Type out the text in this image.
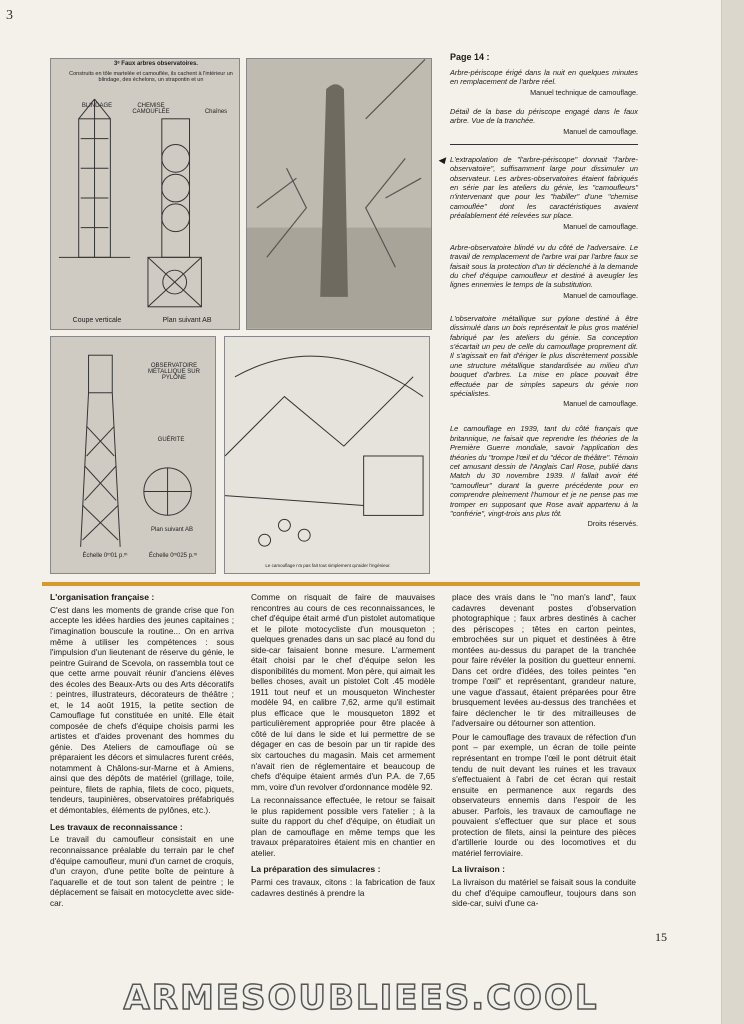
3
3ᵉ Faux arbres observatoires.
Construits en tôle martelée et camouflée, ils cachent à l'intérieur un blindage, des échelons, un strapontin et un
BLINDAGE	CHEMISE CAMOUFLÉE	Chaînes
Coupe verticale	Plan suivant AB
OBSERVATOIRE MÉTALLIQUE SUR PYLÔNE
GUÉRITE
Plan suivant AB
Échelle 0ᵐ01 p.ᵐ	Échelle 0ᵐ025 p.ᵐ
Le camouflage n'a pas fait tout simplement qu'aider l'ingénieur.
Page 14 :

Arbre-périscope érigé dans la nuit en quelques minutes en remplacement de l'arbre réel.
Manuel technique de camouflage.

Détail de la base du périscope engagé dans le faux arbre. Vue de la tranchée.
Manuel de camouflage.

◀ L'extrapolation de "l'arbre-périscope" donnait "l'arbre-observatoire", suffisamment large pour dissimuler un observateur. Les arbres-observatoires étaient fabriqués en série par les ateliers du génie, les "camoufleurs" n'intervenant que pour les "habiller" d'une "chemise camouflée" dont les caractéristiques avaient préalablement été relevées sur place.
Manuel de camouflage.

Arbre-observatoire blindé vu du côté de l'adversaire. Le travail de remplacement de l'arbre vrai par l'arbre faux se faisait sous la protection d'un tir déclenché à la demande du chef d'équipe camoufleur et destiné à aveugler les lignes ennemies le temps de la substitution.
Manuel de camouflage.

L'observatoire métallique sur pylone destiné à être dissimulé dans un bois représentait le plus gros matériel fabriqué par les ateliers du génie. Sa conception s'écartait un peu de celle du camouflage proprement dit. Il s'agissait en fait d'ériger le plus discrètement possible une structure métallique standardisée au milieu d'un bouquet d'arbres. La mise en place pouvait être effectuée par de simples sapeurs du génie non spécialistes.
Manuel de camouflage.

Le camouflage en 1939, tant du côté français que britannique, ne faisait que reprendre les théories de la Première Guerre mondiale, savoir l'application des théories du "trompe l'œil et du "décor de théâtre". Témoin cet amusant dessin de l'Anglais Carl Rose, publié dans Match du 30 novembre 1939. Il fallait avoir été "camoufleur" durant la guerre précédente pour en comprendre pleinement l'humour et je ne pense pas me tromper en supposant que Rose avait appartenu à la "confrérie", vingt-trois ans plus tôt.
Droits réservés.

L'organisation française :

C'est dans les moments de grande crise que l'on accepte les idées hardies des jeunes capitaines ; l'imagination bouscule la routine... On en arriva même à utiliser les compétences : sous l'impulsion d'un lieutenant de réserve du génie, le peintre Guirand de Scevola, on rassembla tout ce que cette arme pouvait réunir d'anciens élèves des écoles des Beaux-Arts ou des Arts décoratifs : peintres, illustrateurs, décorateurs de théâtre ; et, le 14 août 1915, la petite section de Camouflage fut constituée en unité. Elle était composée de chefs d'équipe choisis parmi les artistes et d'aides provenant des hommes du génie. Des Ateliers de camouflage où se préparaient les décors et simulacres furent créés, notamment à Châlons-sur-Marne et à Amiens, ainsi que des dépôts de matériel (grillage, toile, peinture, filets de raphia, filets de coco, piquets, tendeurs, taupinières, observatoires préfabriqués et démontables, éléments de pylônes, etc.).

Les travaux de reconnaissance :

Le travail du camoufleur consistait en une reconnaissance préalable du terrain par le chef d'équipe camoufleur, muni d'un carnet de croquis, d'un crayon, d'une petite boîte de peinture à l'aquarelle et de tout son talent de peintre ; le déplacement se faisait en motocyclette avec side-car.

Comme on risquait de faire de mauvaises rencontres au cours de ces reconnaissances, le chef d'équipe était armé d'un pistolet automatique et le pilote motocycliste d'un mousqueton ; quelques grenades dans un sac placé au fond du side-car faisaient bonne mesure. L'armement était choisi par le chef d'équipe selon les disponibilités du moment. Mon père, qui aimait les belles choses, avait un pistolet Colt .45 modèle 1911 tout neuf et un mousqueton Winchester modèle 94, en calibre 7,62, arme qu'il estimait plus efficace que le mousqueton 1892 et particulièrement appropriée pour être placée à côté de lui dans le side et lui permettre de se dégager en cas de besoin par un tir rapide des six cartouches du magasin. Mais cet armement n'avait rien de réglementaire et beaucoup de chefs d'équipe étaient armés d'un P.A. de 7,65 mm, voire d'un revolver d'ordonnance modèle 92.

La reconnaissance effectuée, le retour se faisait le plus rapidement possible vers l'atelier ; à la suite du rapport du chef d'équipe, on étudiait un plan de camouflage en même temps que les travaux préparatoires étaient mis en chantier en atelier.

La préparation des simulacres :

Parmi ces travaux, citons : la fabrication de faux cadavres destinés à prendre la

place des vrais dans le "no man's land", faux cadavres devenant postes d'observation photographique ; faux arbres destinés à cacher des périscopes ; têtes en carton peintes, embrochées sur un piquet et destinées à être montées au-dessus du parapet de la tranchée pour faire révéler la position du guetteur ennemi. Dans cet ordre d'idées, des toiles peintes "en trompe l'œil" et représentant, grandeur nature, une vague d'assaut, étaient préparées pour être brusquement levées au-dessus des tranchées et faire déclencher le tir des mitrailleuses de l'adversaire ou détourner son attention.

Pour le camouflage des travaux de réfection d'un pont – par exemple, un écran de toile peinte représentant en trompe l'œil le pont détruit était tendu de nuit devant les ruines et les travaux s'effectuaient à l'abri de cet écran qui restait ensuite en permanence aux regards des observateurs ennemis dans l'espoir de les abuser. Parfois, les travaux de camouflage ne pouvaient s'effectuer que sur place et sous protection de filets, ainsi la peinture des pièces d'artillerie lourde ou des locomotives et du matériel ferroviaire.

La livraison :

La livraison du matériel se faisait sous la conduite du chef d'équipe camoufleur, toujours dans son side-car, suivi d'une ca-

15
ARMESOUBLIEES.COOL
